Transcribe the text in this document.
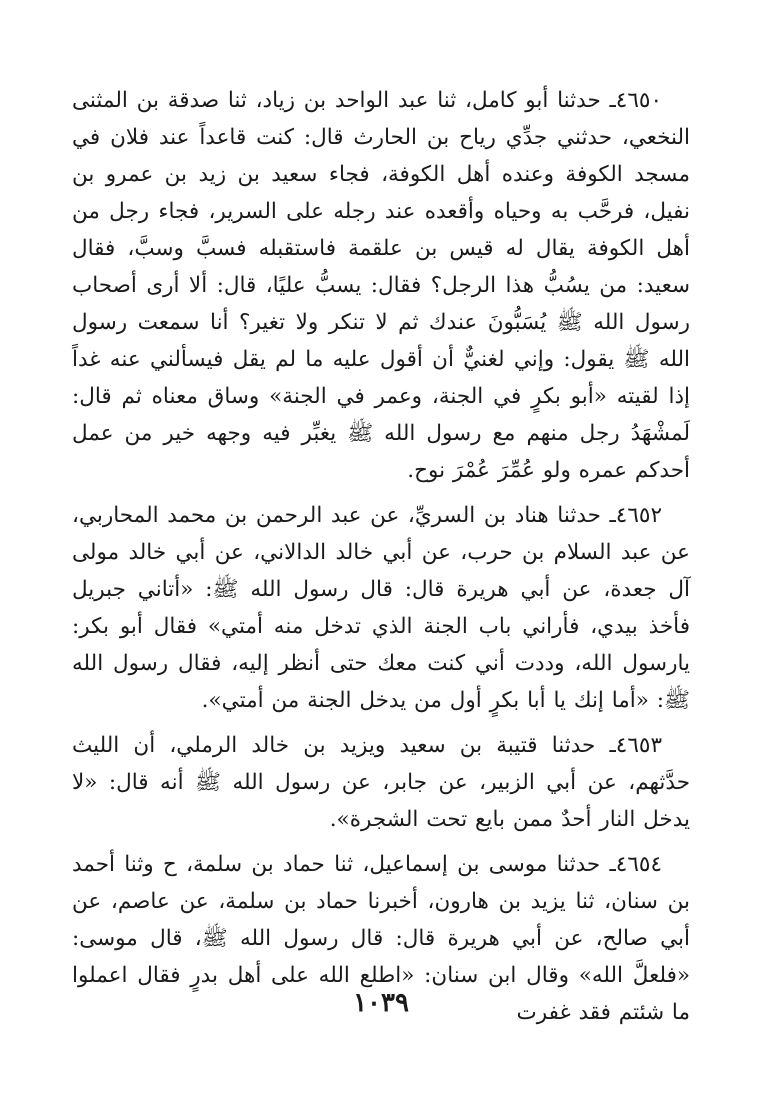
٤٦٥٠ـ حدثنا أبو كامل، ثنا عبد الواحد بن زياد، ثنا صدقة بن المثنى النخعي، حدثني جدِّي رياح بن الحارث قال: كنت قاعداً عند فلان في مسجد الكوفة وعنده أهل الكوفة، فجاء سعيد بن زيد بن عمرو بن نفيل، فرحَّب به وحياه وأقعده عند رجله على السرير، فجاء رجل من أهل الكوفة يقال له قيس بن علقمة فاستقبله فسبَّ وسبَّ، فقال سعيد: من يسُبُّ هذا الرجل؟ فقال: يسبُّ عليًا، قال: ألا أرى أصحاب رسول الله ﷺ يُسَبُّونَ عندك ثم لا تنكر ولا تغير؟ أنا سمعت رسول الله ﷺ يقول: وإني لغنيٌّ أن أقول عليه ما لم يقل فيسألني عنه غداً إذا لقيته «أبو بكرٍ في الجنة، وعمر في الجنة» وساق معناه ثم قال: لَمشْهَدُ رجل منهم مع رسول الله ﷺ يغبِّر فيه وجهه خير من عمل أحدكم عمره ولو عُمِّرَ عُمْرَ نوح.

٤٦٥٢ـ حدثنا هناد بن السريِّ، عن عبد الرحمن بن محمد المحاربي، عن عبد السلام بن حرب، عن أبي خالد الدالاني، عن أبي خالد مولى آل جعدة، عن أبي هريرة قال: قال رسول الله ﷺ: «أتاني جبريل فأخذ بيدي، فأراني باب الجنة الذي تدخل منه أمتي» فقال أبو بكر: يارسول الله، وددت أني كنت معك حتى أنظر إليه، فقال رسول الله ﷺ: «أما إنك يا أبا بكرٍ أول من يدخل الجنة من أمتي».

٤٦٥٣ـ حدثنا قتيبة بن سعيد ويزيد بن خالد الرملي، أن الليث حدَّثهم، عن أبي الزبير، عن جابر، عن رسول الله ﷺ أنه قال: «لا يدخل النار أحدٌ ممن بايع تحت الشجرة».

٤٦٥٤ـ حدثنا موسى بن إسماعيل، ثنا حماد بن سلمة، ح وثنا أحمد بن سنان، ثنا يزيد بن هارون، أخبرنا حماد بن سلمة، عن عاصم، عن أبي صالح، عن أبي هريرة قال: قال رسول الله ﷺ، قال موسى: «فلعلَّ الله» وقال ابن سنان: «اطلع الله على أهل بدرٍ فقال اعملوا ما شئتم فقد غفرت

١٠٣٩
